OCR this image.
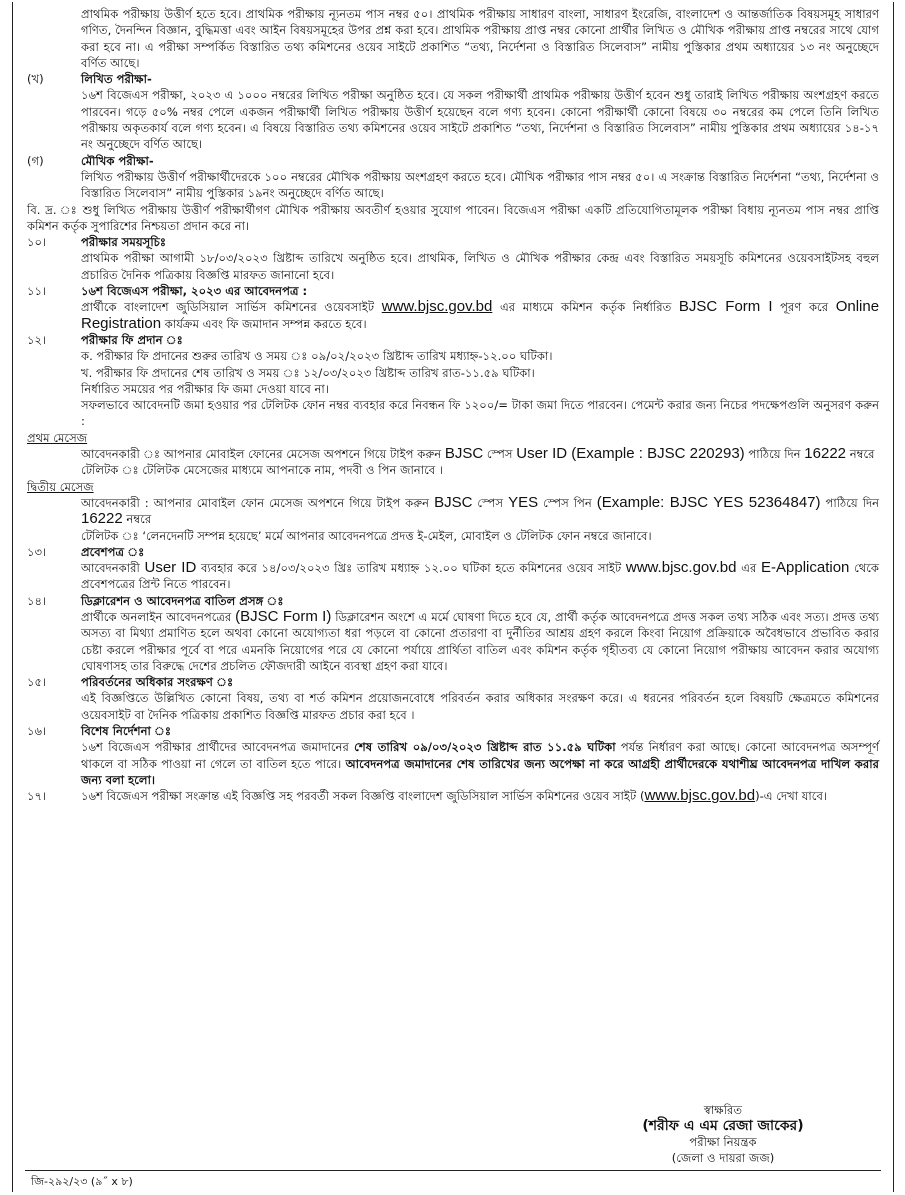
প্রাথমিক পরীক্ষায় উত্তীর্ণ হতে হবে। প্রাথমিক পরীক্ষায় ন্যূনতম পাস নম্বর ৫০। প্রাথমিক পরীক্ষায় সাধারণ বাংলা, সাধারণ ইংরেজি, বাংলাদেশ ও আন্তর্জাতিক বিষয়সমূহ সাধারণ গণিত, দৈনন্দিন বিজ্ঞান, বুদ্ধিমত্তা এবং আইন বিষয়সমূহের উপর প্রশ্ন করা হবে। প্রাথমিক পরীক্ষায় প্রাপ্ত নম্বর কোনো প্রার্থীর লিখিত ও মৌখিক পরীক্ষায় প্রাপ্ত নম্বরের সাথে যোগ করা হবে না। এ পরীক্ষা সম্পর্কিত বিস্তারিত তথ্য কমিশনের ওয়েব সাইটে প্রকাশিত “তথ্য, নির্দেশনা ও বিস্তারিত সিলেবাস” নামীয় পুস্তিকার প্রথম অধ্যায়ের ১৩ নং অনুচ্ছেদে বর্ণিত আছে।

(খ)	লিখিত পরীক্ষা-

১৬শ বিজেএস পরীক্ষা, ২০২৩ এ ১০০০ নম্বরের লিখিত পরীক্ষা অনুষ্ঠিত হবে। যে সকল পরীক্ষার্থী প্রাথমিক পরীক্ষায় উত্তীর্ণ হবেন শুধু তারাই লিখিত পরীক্ষায় অংশগ্রহণ করতে পারবেন। গড়ে ৫০% নম্বর পেলে একজন পরীক্ষার্থী লিখিত পরীক্ষায় উত্তীর্ণ হয়েছেন বলে গণ্য হবেন। কোনো পরীক্ষার্থী কোনো বিষয়ে ৩০ নম্বরের কম পেলে তিনি লিখিত পরীক্ষায় অকৃতকার্য বলে গণ্য হবেন। এ বিষয়ে বিস্তারিত তথ্য কমিশনের ওয়েব সাইটে প্রকাশিত “তথ্য, নির্দেশনা ও বিস্তারিত সিলেবাস” নামীয় পুস্তিকার প্রথম অধ্যায়ের ১৪-১৭ নং অনুচ্ছেদে বর্ণিত আছে।

(গ)	মৌখিক পরীক্ষা-

লিখিত পরীক্ষায় উত্তীর্ণ পরীক্ষার্থীদেরকে ১০০ নম্বরের মৌখিক পরীক্ষায় অংশগ্রহণ করতে হবে। মৌখিক পরীক্ষার পাস নম্বর ৫০। এ সংক্রান্ত বিস্তারিত নির্দেশনা “তথ্য, নির্দেশনা ও বিস্তারিত সিলেবাস” নামীয় পুস্তিকার ১৯নং অনুচ্ছেদে বর্ণিত আছে।

বি. দ্র. ঃ শুধু লিখিত পরীক্ষায় উত্তীর্ণ পরীক্ষার্থীগণ মৌখিক পরীক্ষায় অবতীর্ণ হওয়ার সুযোগ পাবেন। বিজেএস পরীক্ষা একটি প্রতিযোগিতামূলক পরীক্ষা বিধায় ন্যূনতম পাস নম্বর প্রাপ্তি কমিশন কর্তৃক সুপারিশের নিশ্চয়তা প্রদান করে না।

১০।	পরীক্ষার সময়সূচিঃ

প্রাথমিক পরীক্ষা আগামী ১৮/০৩/২০২৩ খ্রিষ্টাব্দ তারিখে অনুষ্ঠিত হবে। প্রাথমিক, লিখিত ও মৌখিক পরীক্ষার কেন্দ্র এবং বিস্তারিত সময়সূচি কমিশনের ওয়েবসাইটসহ বহুল প্রচারিত দৈনিক পত্রিকায় বিজ্ঞপ্তি মারফত জানানো হবে।

১১।	১৬শ বিজেএস পরীক্ষা, ২০২৩ এর আবেদনপত্র :

প্রার্থীকে বাংলাদেশ জুডিসিয়াল সার্ভিস কমিশনের ওয়েবসাইট www.bjsc.gov.bd এর মাধ্যমে কমিশন কর্তৃক নির্ধারিত BJSC Form I পূরণ করে Online Registration কার্যক্রম এবং ফি জমাদান সম্পন্ন করতে হবে।

১২।	পরীক্ষার ফি প্রদান ঃ

ক. পরীক্ষার ফি প্রদানের শুরুর তারিখ ও সময় ঃ ০৯/০২/২০২৩ খ্রিষ্টাব্দ তারিখ মধ্যাহ্ন-১২.০০ ঘটিকা।

খ. পরীক্ষার ফি প্রদানের শেষ তারিখ ও সময় ঃ ১২/০৩/২০২৩ খ্রিষ্টাব্দ তারিখ রাত-১১.৫৯ ঘটিকা।

নির্ধারিত সময়ের পর পরীক্ষার ফি জমা দেওয়া যাবে না।

সফলভাবে আবেদনটি জমা হওয়ার পর টেলিটক ফোন নম্বর ব্যবহার করে নিবন্ধন ফি ১২০০/= টাকা জমা দিতে পারবেন। পেমেন্ট করার জন্য নিচের পদক্ষেপগুলি অনুসরণ করুন :

প্রথম মেসেজ

আবেদনকারী ঃ আপনার মোবাইল ফোনের মেসেজ অপশনে গিয়ে টাইপ করুন BJSC স্পেস User ID (Example : BJSC 220293) পাঠিয়ে দিন 16222 নম্বরে

টেলিটক ঃ টেলিটক মেসেজের মাধ্যমে আপনাকে নাম, পদবী ও পিন জানাবে ।

দ্বিতীয় মেসেজ

আবেদনকারী : আপনার মোবাইল ফোন মেসেজ অপশনে গিয়ে টাইপ করুন BJSC স্পেস YES স্পেস পিন (Example: BJSC YES 52364847) পাঠিয়ে দিন 16222 নম্বরে

টেলিটক ঃ ‘লেনদেনটি সম্পন্ন হয়েছে’ মর্মে আপনার আবেদনপত্রে প্রদত্ত ই-মেইল, মোবাইল ও টেলিটক ফোন নম্বরে জানাবে।

১৩।	প্রবেশপত্র ঃ

আবেদনকারী User ID ব্যবহার করে ১৪/০৩/২০২৩ খ্রিঃ তারিখ মধ্যাহ্ন ১২.০০ ঘটিকা হতে কমিশনের ওয়েব সাইট www.bjsc.gov.bd এর E-Application থেকে প্রবেশপত্রের প্রিন্ট নিতে পারবেন।

১৪।	ডিক্লারেশন ও আবেদনপত্র বাতিল প্রসঙ্গ ঃ

প্রার্থীকে অনলাইন আবেদনপত্রের (BJSC Form I) ডিক্লারেশন অংশে এ মর্মে ঘোষণা দিতে হবে যে, প্রার্থী কর্তৃক আবেদনপত্রে প্রদত্ত সকল তথ্য সঠিক এবং সত্য। প্রদত্ত তথ্য অসত্য বা মিথ্যা প্রমাণিত হলে অথবা কোনো অযোগ্যতা ধরা পড়লে বা কোনো প্রতারণা বা দুর্নীতির আশ্রয় গ্রহণ করলে কিংবা নিয়োগ প্রক্রিয়াকে অবৈধভাবে প্রভাবিত করার চেষ্টা করলে পরীক্ষার পূর্বে বা পরে এমনকি নিয়োগের পরে যে কোনো পর্যায়ে প্রার্থিতা বাতিল এবং কমিশন কর্তৃক গৃহীতব্য যে কোনো নিয়োগ পরীক্ষায় আবেদন করার অযোগ্য ঘোষণাসহ তার বিরুদ্ধে দেশের প্রচলিত ফৌজদারী আইনে ব্যবস্থা গ্রহণ করা যাবে।

১৫।	পরিবর্তনের অধিকার সংরক্ষণ ঃ

এই বিজ্ঞপ্তিতে উল্লিখিত কোনো বিষয়, তথ্য বা শর্ত কমিশন প্রয়োজনবোধে পরিবর্তন করার অধিকার সংরক্ষণ করে। এ ধরনের পরিবর্তন হলে বিষয়টি ক্ষেত্রমতে কমিশনের ওয়েবসাইট বা দৈনিক পত্রিকায় প্রকাশিত বিজ্ঞপ্তি মারফত প্রচার করা হবে ।

১৬।	বিশেষ নির্দেশনা ঃ

১৬শ বিজেএস পরীক্ষার প্রার্থীদের আবেদনপত্র জমাদানের শেষ তারিখ ০৯/০৩/২০২৩ খ্রিষ্টাব্দ রাত ১১.৫৯ ঘটিকা পর্যন্ত নির্ধারণ করা আছে। কোনো আবেদনপত্র অসম্পূর্ণ থাকলে বা সঠিক পাওয়া না গেলে তা বাতিল হতে পারে। আবেদনপত্র জমাদানের শেষ তারিখের জন্য অপেক্ষা না করে আগ্রহী প্রার্থীদেরকে যথাশীঘ্র আবেদনপত্র দাখিল করার জন্য বলা হলো।

১৭।	১৬শ বিজেএস পরীক্ষা সংক্রান্ত এই বিজ্ঞপ্তি সহ পরবর্তী সকল বিজ্ঞপ্তি বাংলাদেশ জুডিসিয়াল সার্ভিস কমিশনের ওয়েব সাইট (www.bjsc.gov.bd)-এ দেখা যাবে।

স্বাক্ষরিত
(শরীফ এ এম রেজা জাকের)
পরীক্ষা নিয়ন্ত্রক
(জেলা ও দায়রা জজ)
জি-২৯২/২৩ (৯˝ x ৮)
